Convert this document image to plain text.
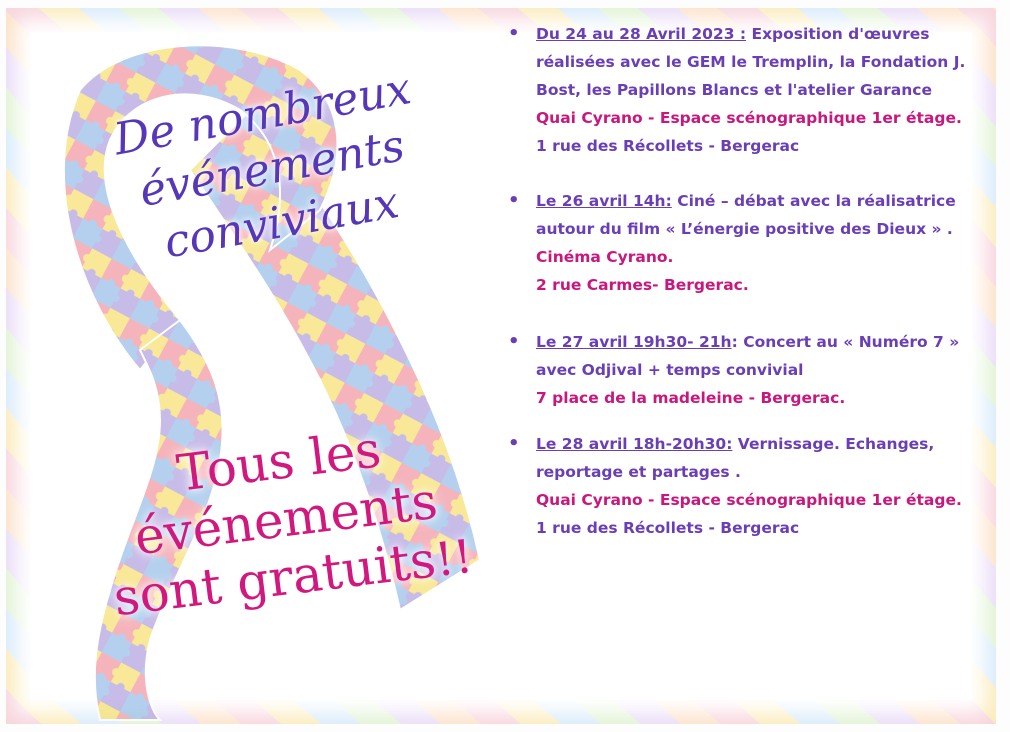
De nombreux
événements
conviviaux
Tous les événements sont gratuits!!
• Du 24 au 28 Avril 2023 : Exposition d'œuvres réalisées avec le GEM le Tremplin, la Fondation J. Bost, les Papillons Blancs et l'atelier Garance
Quai Cyrano - Espace scénographique 1er étage.
1 rue des Récollets - Bergerac
• Le 26 avril 14h: Ciné – débat avec la réalisatrice autour du film « L’énergie positive des Dieux » .
Cinéma Cyrano.
2 rue Carmes- Bergerac.
• Le 27 avril 19h30- 21h: Concert au « Numéro 7 » avec Odjival + temps convivial
7 place de la madeleine - Bergerac.
• Le 28 avril 18h-20h30: Vernissage. Echanges, reportage et partages .
Quai Cyrano - Espace scénographique 1er étage.
1 rue des Récollets - Bergerac
